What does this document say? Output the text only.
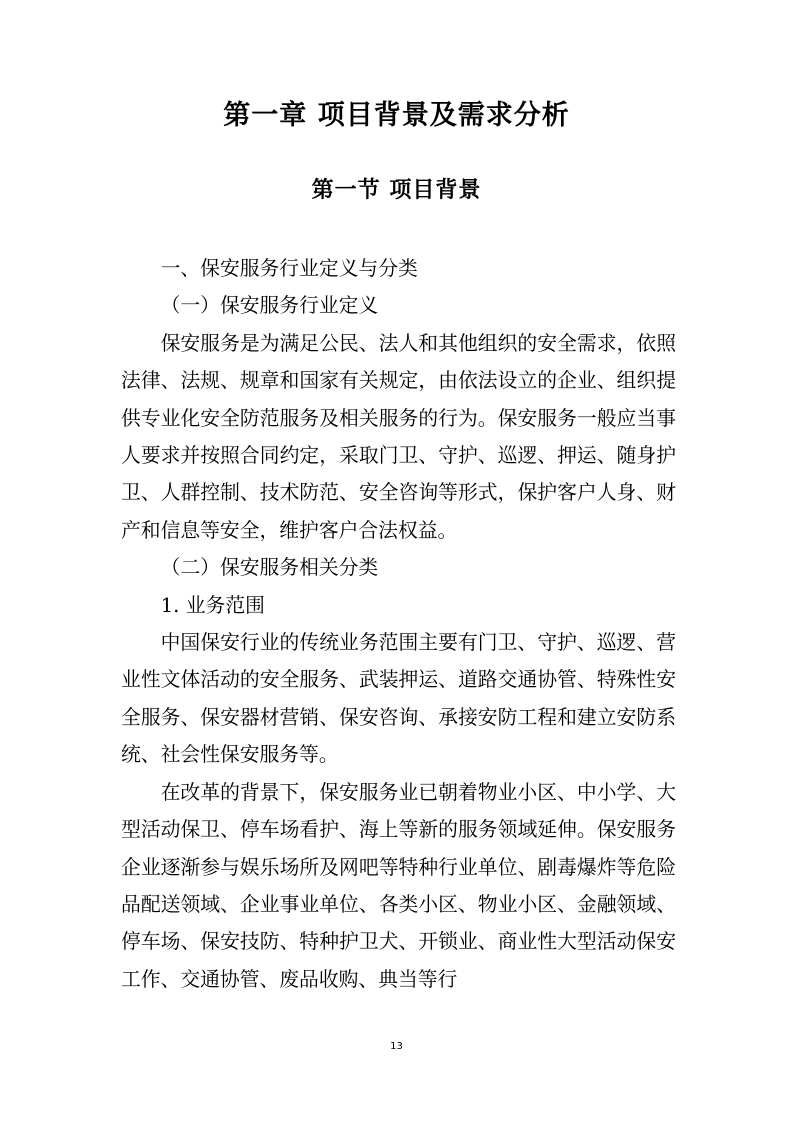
第一章 项目背景及需求分析
第一节 项目背景

一、保安服务行业定义与分类

（一）保安服务行业定义

保安服务是为满足公民、法人和其他组织的安全需求，依照法律、法规、规章和国家有关规定，由依法设立的企业、组织提供专业化安全防范服务及相关服务的行为。保安服务一般应当事人要求并按照合同约定，采取门卫、守护、巡逻、押运、随身护卫、人群控制、技术防范、安全咨询等形式，保护客户人身、财产和信息等安全，维护客户合法权益。

（二）保安服务相关分类

1. 业务范围

中国保安行业的传统业务范围主要有门卫、守护、巡逻、营业性文体活动的安全服务、武装押运、道路交通协管、特殊性安全服务、保安器材营销、保安咨询、承接安防工程和建立安防系统、社会性保安服务等。

在改革的背景下，保安服务业已朝着物业小区、中小学、大型活动保卫、停车场看护、海上等新的服务领域延伸。保安服务企业逐渐参与娱乐场所及网吧等特种行业单位、剧毒爆炸等危险品配送领域、企业事业单位、各类小区、物业小区、金融领域、停车场、保安技防、特种护卫犬、开锁业、商业性大型活动保安工作、交通协管、废品收购、典当等行

13
